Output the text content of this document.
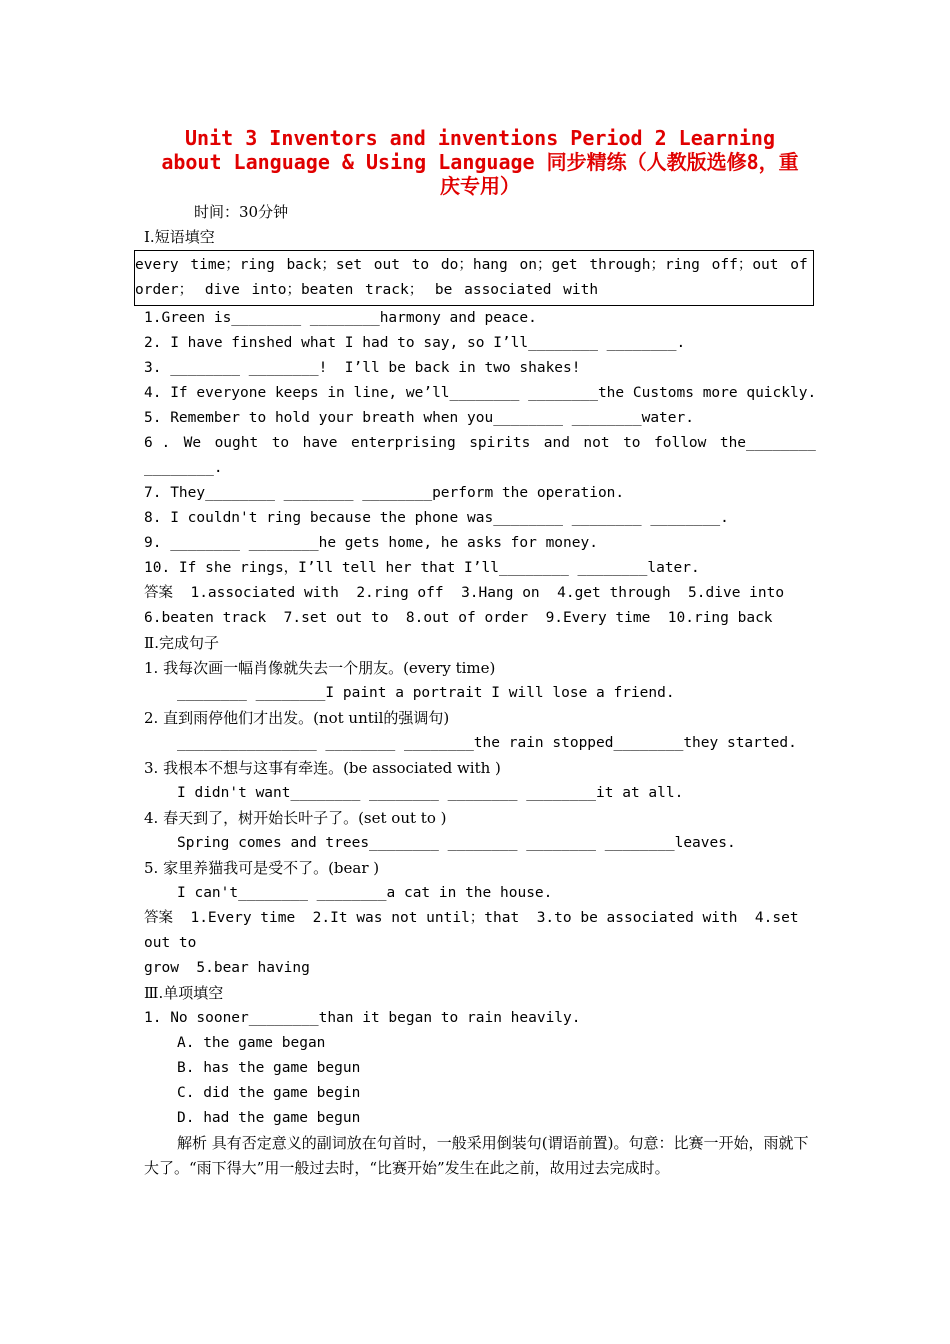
Unit 3 Inventors and inventions Period 2 Learning about Language & Using Language 同步精练（人教版选修8，重庆专用）
时间：30分钟
Ⅰ.短语填空
every time；ring back；set out to do；hang on；get through；ring off；out of
order； dive into；beaten track； be associated with
1.Green is________ ________harmony and peace.
2. I have finshed what I had to say, so I’ll________ ________.
3. ________ ________!  I’ll be back in two shakes!
4. If everyone keeps in line, we’ll________ ________the Customs more quickly.
5. Remember to hold your breath when you________ ________water.
6 . We ought to have enterprising spirits and not to follow the________
________.
7. They________ ________ ________perform the operation.
8. I couldn't ring because the phone was________ ________ ________.
9. ________ ________he gets home, he asks for money.
10. If she rings，I’ll tell her that I’ll________ ________later.
答案  1.associated with  2.ring off  3.Hang on  4.get through  5.dive into
6.beaten track  7.set out to  8.out of order  9.Every time  10.ring back
Ⅱ.完成句子
1. 我每次画一幅肖像就失去一个朋友。(every time)
________ ________I paint a portrait I will lose a friend.
2. 直到雨停他们才出发。(not until的强调句)
________________ ________ ________the rain stopped________they started.
3. 我根本不想与这事有牵连。(be associated with )
I didn't want________ ________ ________ ________it at all.
4. 春天到了，树开始长叶子了。(set out to )
Spring comes and trees________ ________ ________ ________leaves.
5. 家里养猫我可是受不了。(bear )
I can't________ ________a cat in the house.
答案  1.Every time  2.It was not until；that  3.to be associated with  4.set
out to
grow  5.bear having
Ⅲ.单项填空
1. No sooner________than it began to rain heavily.
A. the game began
B. has the game begun
C. did the game begin
D. had the game begun
解析 具有否定意义的副词放在句首时，一般采用倒装句(谓语前置)。句意：比赛一开始，雨就下大了。“雨下得大”用一般过去时，“比赛开始”发生在此之前，故用过去完成时。
